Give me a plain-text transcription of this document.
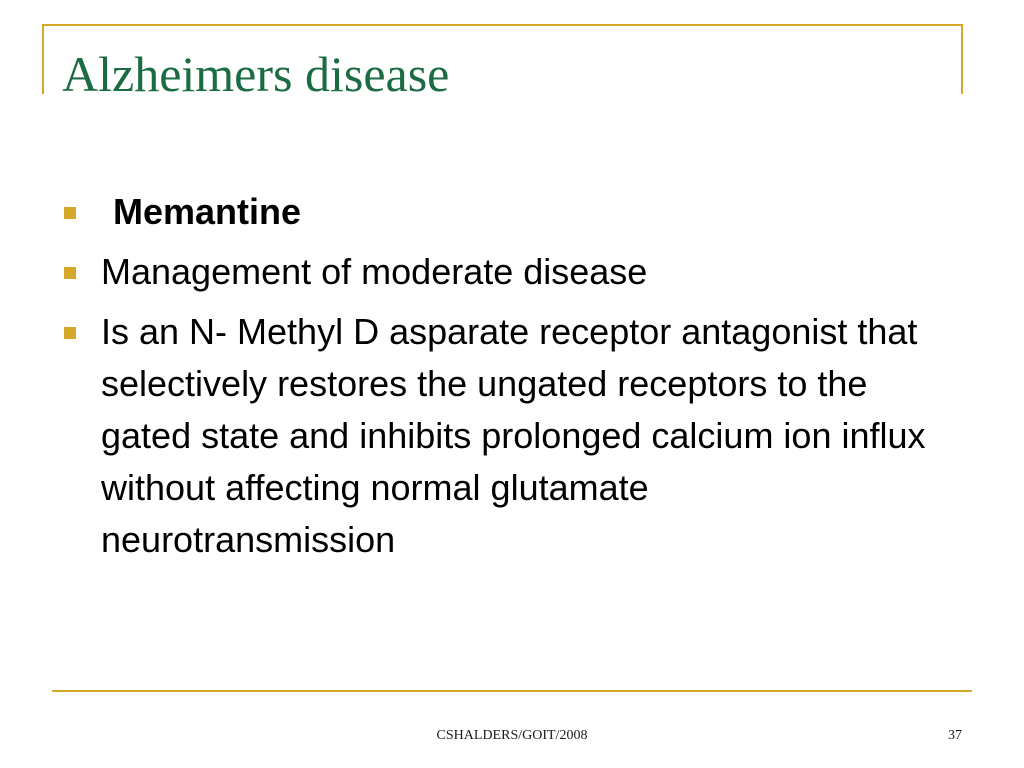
Alzheimers disease
Memantine
Management of moderate disease
Is an N- Methyl D asparate receptor antagonist that selectively restores the ungated receptors to the gated state and inhibits prolonged calcium ion influx without affecting normal glutamate neurotransmission
CSHALDERS/GOIT/2008	37
